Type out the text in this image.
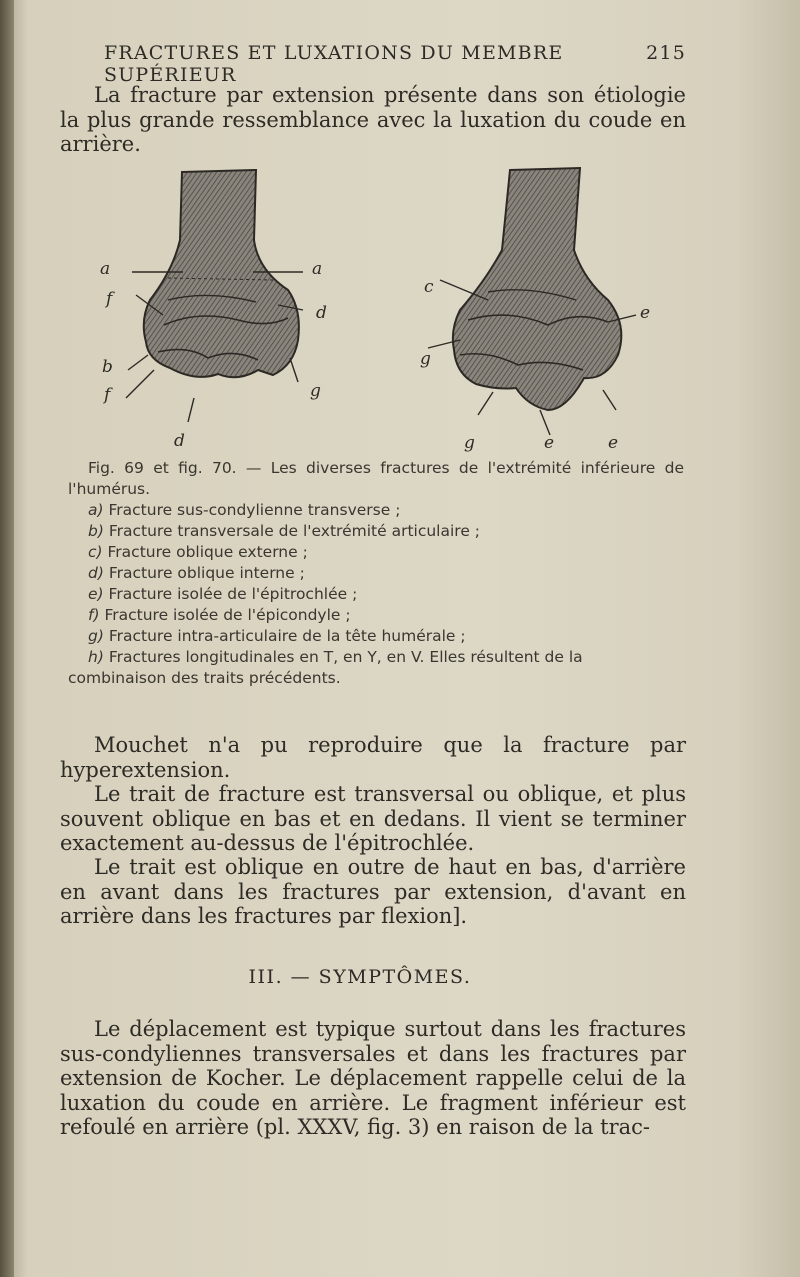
FRACTURES ET LUXATIONS DU MEMBRE SUPÉRIEUR
215

La fracture par extension présente dans son étiologie la plus grande ressemblance avec la luxation du coude en arrière.

a	a
f
d
b
f	g
d
c
e
g
g	e	e

Fig. 69 et fig. 70. — Les diverses fractures de l'extrémité inférieure de l'humérus.

a) Fracture sus-condylienne transverse ;

b) Fracture transversale de l'extrémité articulaire ;

c) Fracture oblique externe ;

d) Fracture oblique interne ;

e) Fracture isolée de l'épitrochlée ;

f) Fracture isolée de l'épicondyle ;

g) Fracture intra-articulaire de la tête humérale ;

h) Fractures longitudinales en T, en Y, en V. Elles résultent de la combinaison des traits précédents.

Mouchet n'a pu reproduire que la fracture par hyperextension.

Le trait de fracture est transversal ou oblique, et plus souvent oblique en bas et en dedans. Il vient se terminer exactement au-dessus de l'épitrochlée.

Le trait est oblique en outre de haut en bas, d'arrière en avant dans les fractures par extension, d'avant en arrière dans les fractures par flexion].

III. — SYMPTÔMES.

Le déplacement est typique surtout dans les fractures sus-condyliennes transversales et dans les fractures par extension de Kocher. Le déplacement rappelle celui de la luxation du coude en arrière. Le fragment inférieur est refoulé en arrière (pl. XXXV, fig. 3) en raison de la trac-
